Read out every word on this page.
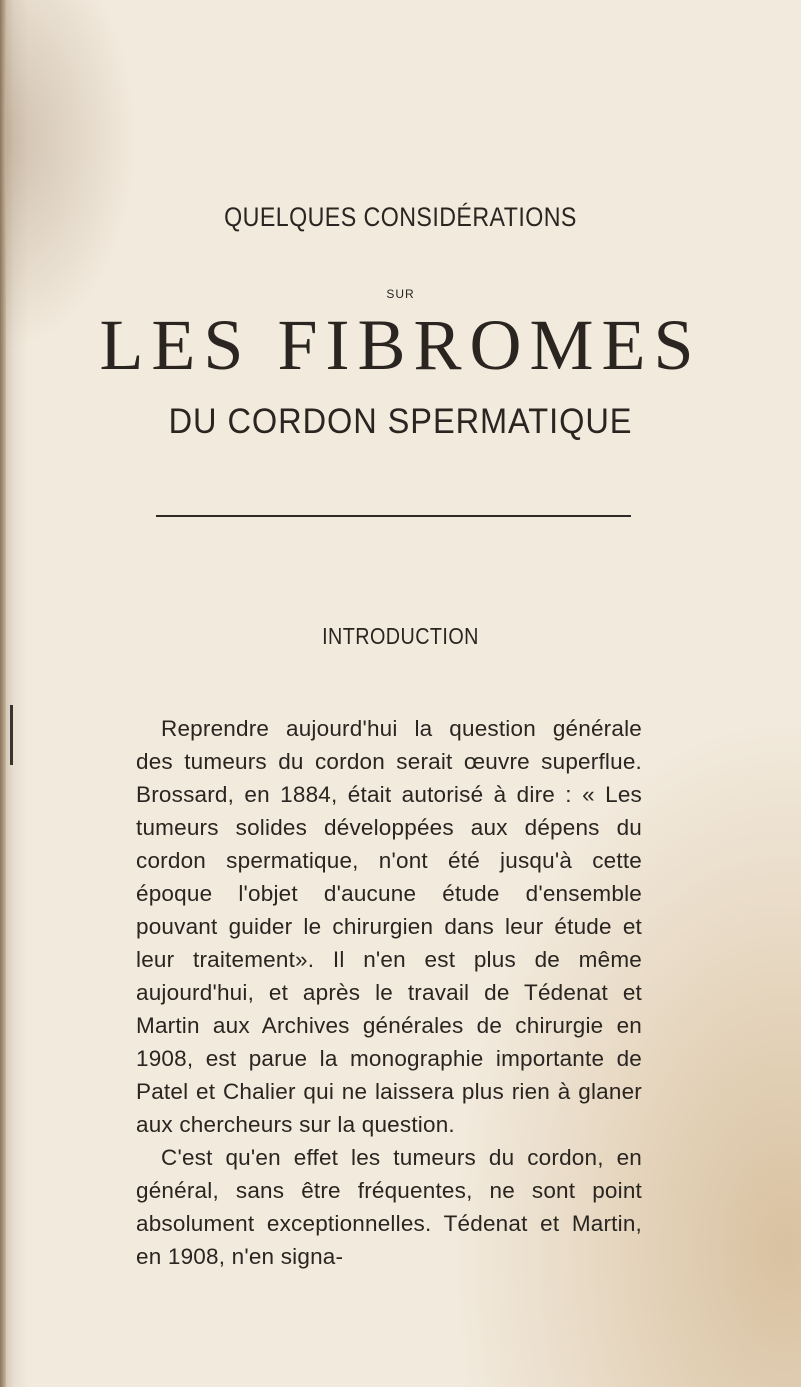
QUELQUES CONSIDÉRATIONS
SUR
LES FIBROMES
DU CORDON SPERMATIQUE
INTRODUCTION

Reprendre aujourd'hui la question générale des tumeurs du cordon serait œuvre superflue. Brossard, en 1884, était autorisé à dire : « Les tumeurs solides développées aux dépens du cordon spermatique, n'ont été jusqu'à cette époque l'objet d'aucune étude d'ensemble pouvant guider le chirurgien dans leur étude et leur traitement». Il n'en est plus de même aujourd'hui, et après le travail de Tédenat et Martin aux Archives générales de chirurgie en 1908, est parue la monographie importante de Patel et Chalier qui ne laissera plus rien à glaner aux chercheurs sur la question.

C'est qu'en effet les tumeurs du cordon, en général, sans être fréquentes, ne sont point absolument exceptionnelles. Tédenat et Martin, en 1908, n'en signa-
